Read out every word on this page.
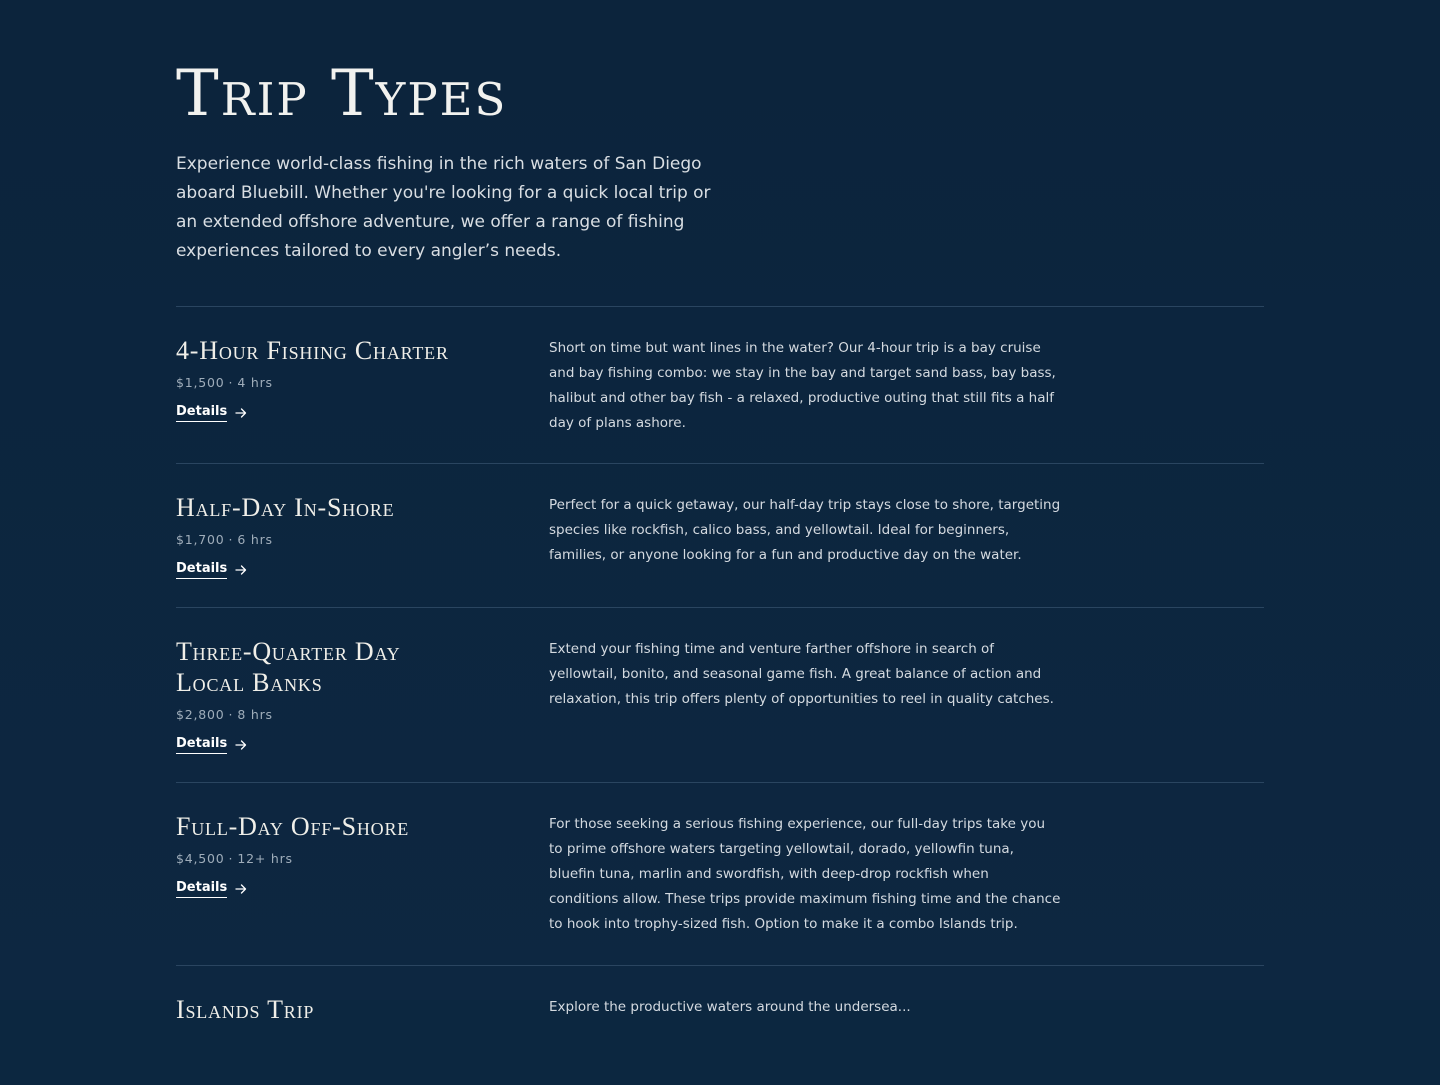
Trip Types

Experience world-class fishing in the rich waters of San Diego aboard Bluebill. Whether you're looking for a quick local trip or an extended offshore adventure, we offer a range of fishing experiences tailored to every angler’s needs.

4-Hour Fishing Charter
$1,500 · 4 hrs
Details

Short on time but want lines in the water? Our 4-hour trip is a bay cruise and bay fishing combo: we stay in the bay and target sand bass, bay bass, halibut and other bay fish - a relaxed, productive outing that still fits a half day of plans ashore.

Half-Day In-Shore
$1,700 · 6 hrs
Details

Perfect for a quick getaway, our half-day trip stays close to shore, targeting species like rockfish, calico bass, and yellowtail. Ideal for beginners, families, or anyone looking for a fun and productive day on the water.

Three-Quarter Day Local Banks
$2,800 · 8 hrs
Details

Extend your fishing time and venture farther offshore in search of yellowtail, bonito, and seasonal game fish. A great balance of action and relaxation, this trip offers plenty of opportunities to reel in quality catches.

Full-Day Off-Shore
$4,500 · 12+ hrs
Details

For those seeking a serious fishing experience, our full-day trips take you to prime offshore waters targeting yellowtail, dorado, yellowfin tuna, bluefin tuna, marlin and swordfish, with deep-drop rockfish when conditions allow. These trips provide maximum fishing time and the chance to hook into trophy-sized fish. Option to make it a combo Islands trip.

Islands Trip	Explore the productive waters around the undersea...
